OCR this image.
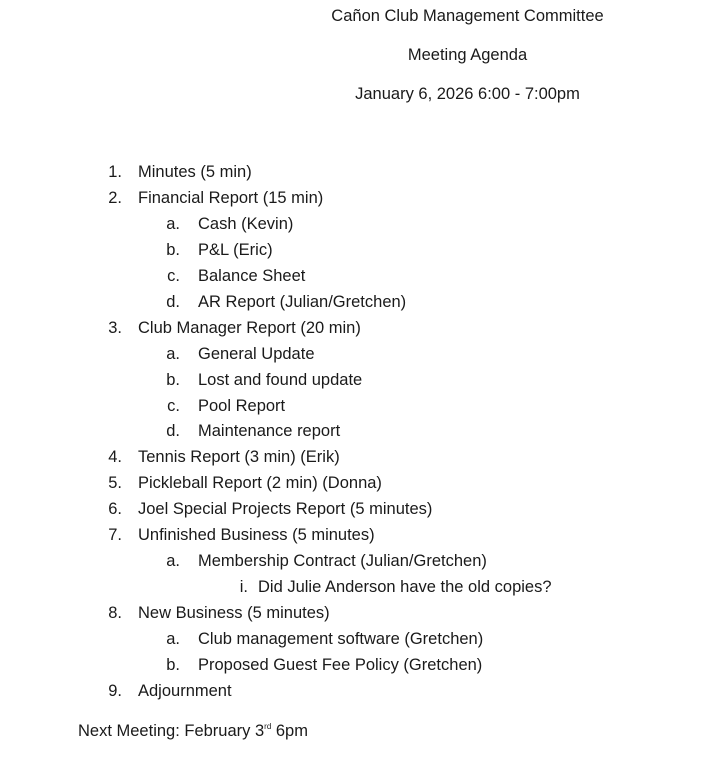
Cañon Club Management Committee
Meeting Agenda
January 6, 2026 6:00 - 7:00pm
1. Minutes (5 min)
2. Financial Report (15 min)
a. Cash (Kevin)
b. P&L (Eric)
c. Balance Sheet
d. AR Report (Julian/Gretchen)
3. Club Manager Report (20 min)
a. General Update
b. Lost and found update
c. Pool Report
d. Maintenance report
4. Tennis Report (3 min) (Erik)
5. Pickleball Report (2 min) (Donna)
6. Joel Special Projects Report (5 minutes)
7. Unfinished Business (5 minutes)
a. Membership Contract (Julian/Gretchen)
i. Did Julie Anderson have the old copies?
8. New Business (5 minutes)
a. Club management software (Gretchen)
b. Proposed Guest Fee Policy (Gretchen)
9. Adjournment
Next Meeting: February 3rd 6pm
